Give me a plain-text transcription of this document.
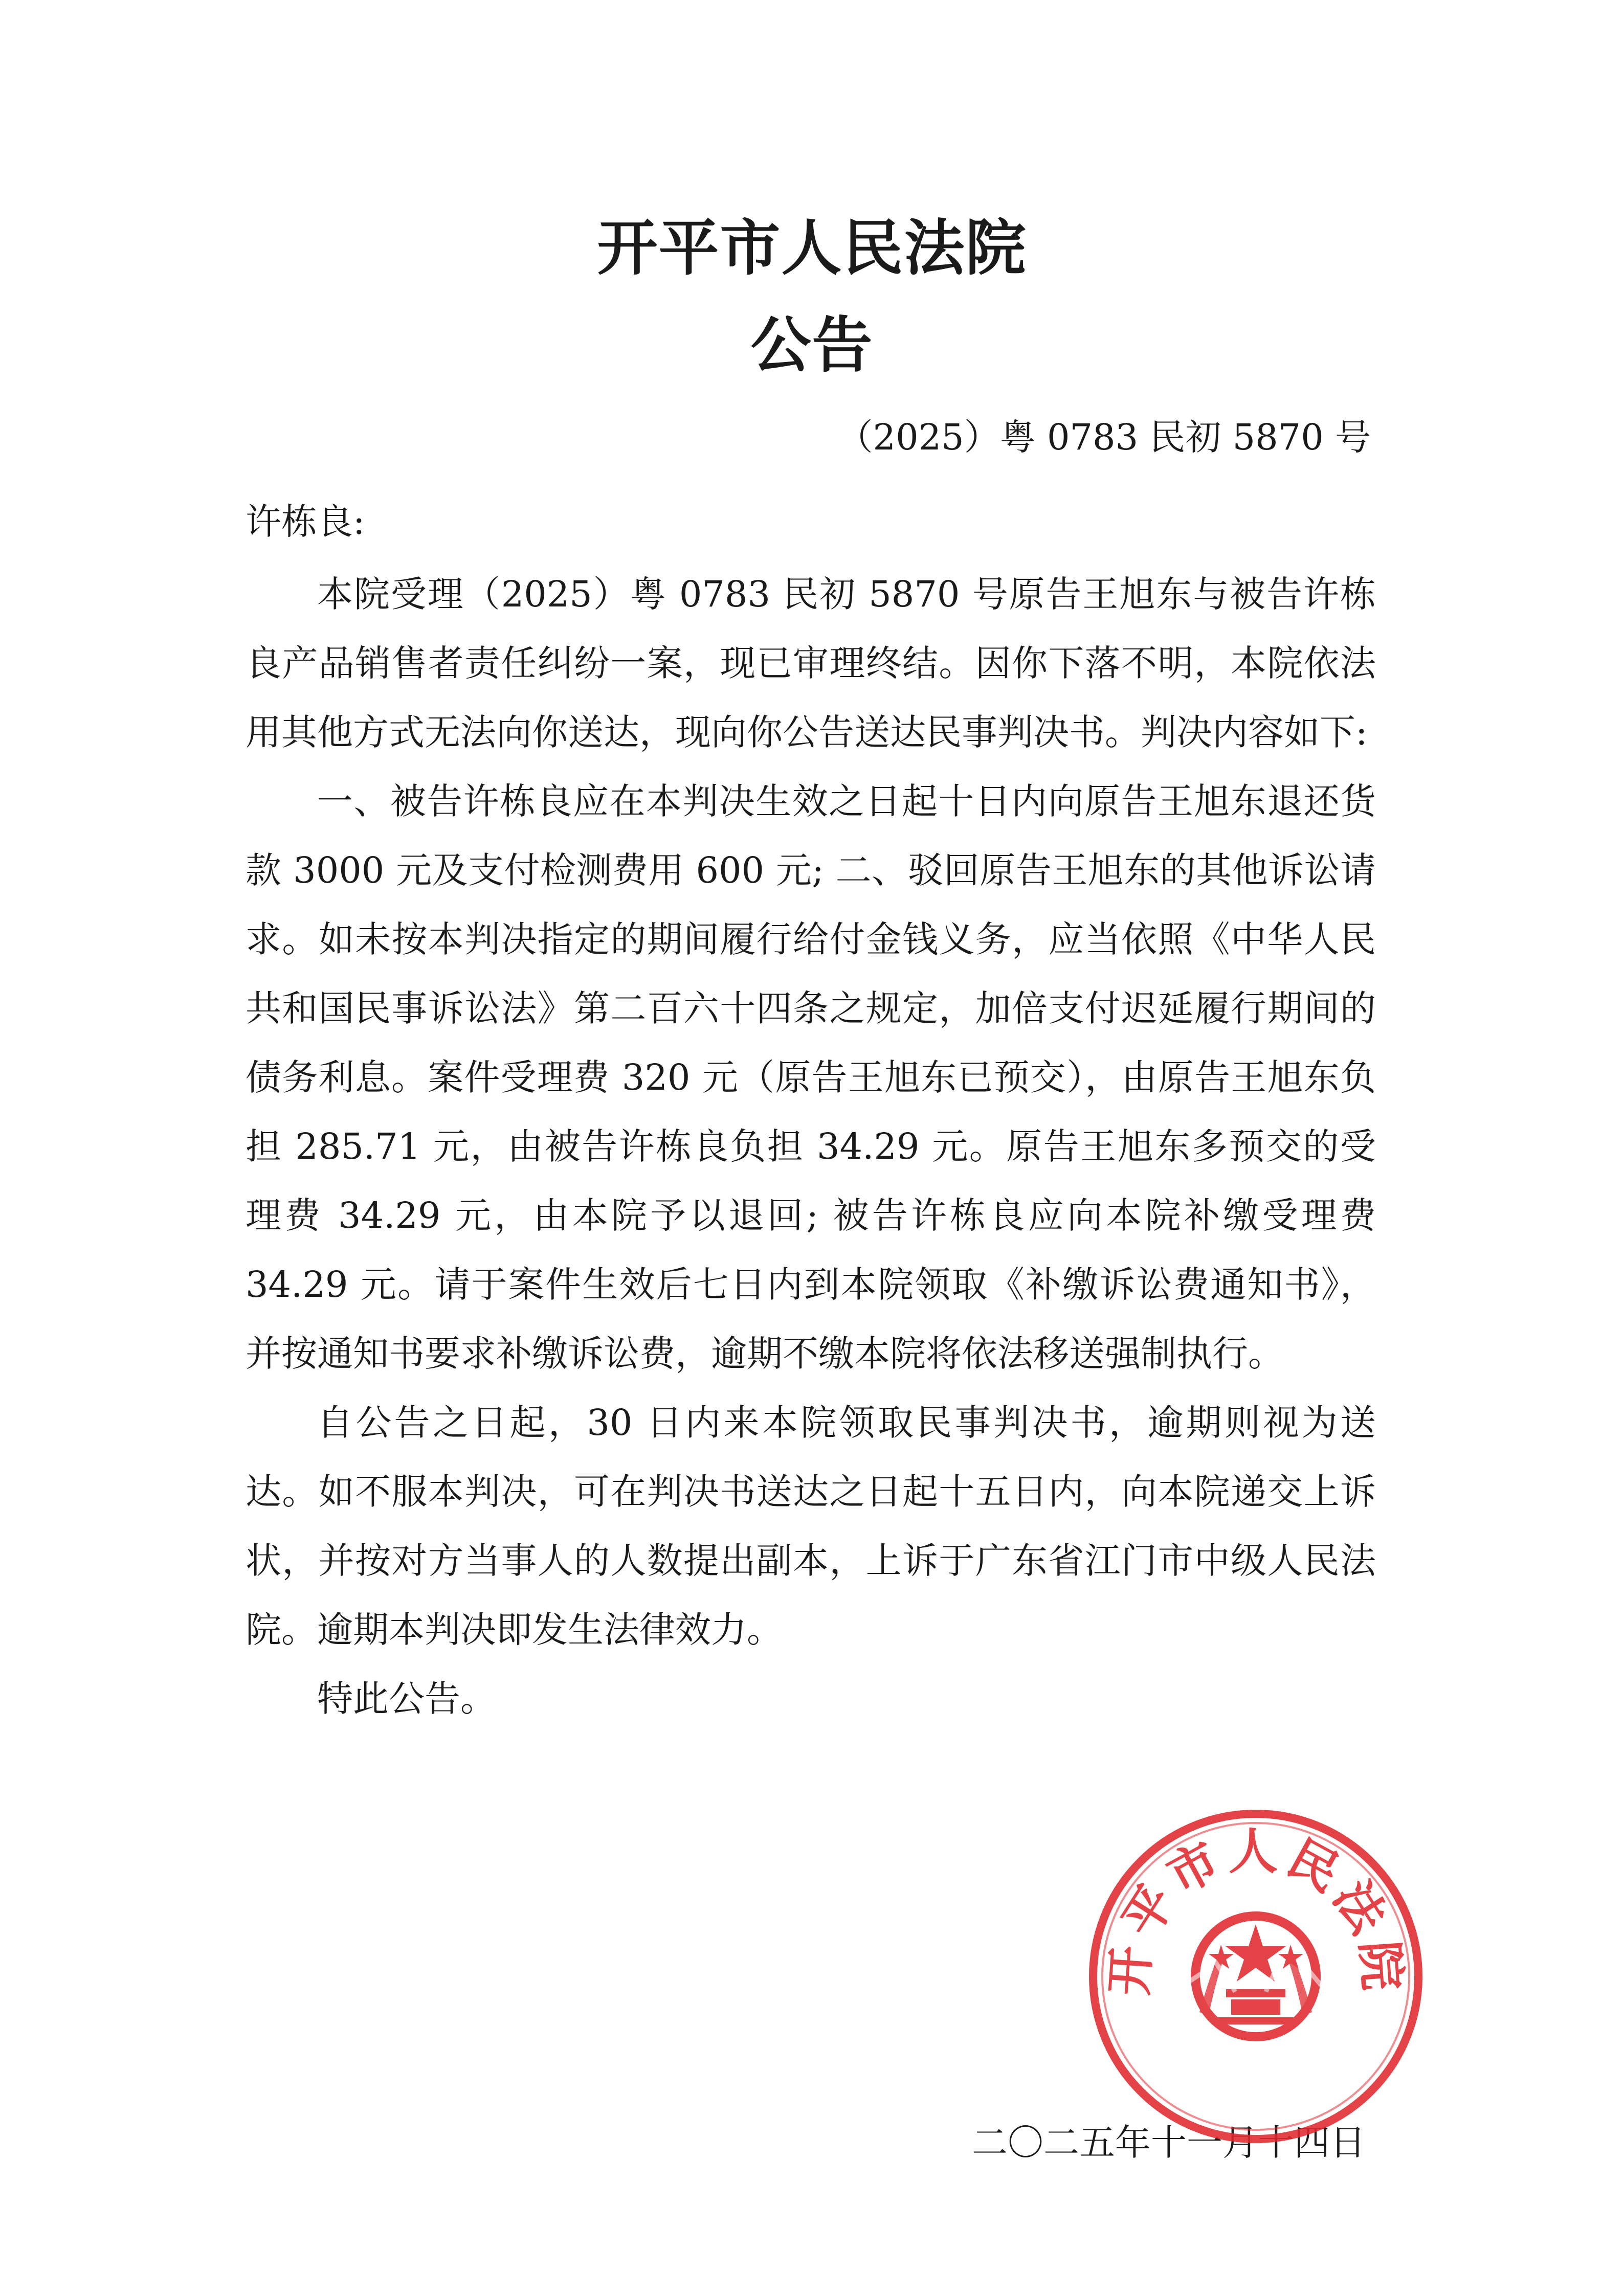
开平市人民法院
公告
（2025）粤 0783 民初 5870 号
许栋良:

本院受理（2025）粤 0783 民初 5870 号原告王旭东与被告许栋良产品销售者责任纠纷一案，现已审理终结。因你下落不明，本院依法用其他方式无法向你送达，现向你公告送达民事判决书。判决内容如下:

一、被告许栋良应在本判决生效之日起十日内向原告王旭东退还货款 3000 元及支付检测费用 600 元; 二、驳回原告王旭东的其他诉讼请求。如未按本判决指定的期间履行给付金钱义务，应当依照《中华人民共和国民事诉讼法》第二百六十四条之规定，加倍支付迟延履行期间的债务利息。案件受理费 320 元（原告王旭东已预交），由原告王旭东负担 285.71 元，由被告许栋良负担 34.29 元。原告王旭东多预交的受理费 34.29 元，由本院予以退回; 被告许栋良应向本院补缴受理费 34.29 元。请于案件生效后七日内到本院领取《补缴诉讼费通知书》，并按通知书要求补缴诉讼费，逾期不缴本院将依法移送强制执行。

自公告之日起，30 日内来本院领取民事判决书，逾期则视为送达。如不服本判决，可在判决书送达之日起十五日内，向本院递交上诉状，并按对方当事人的人数提出副本，上诉于广东省江门市中级人民法院。逾期本判决即发生法律效力。

特此公告。

二〇二五年十一月十四日
开平市人民法院
